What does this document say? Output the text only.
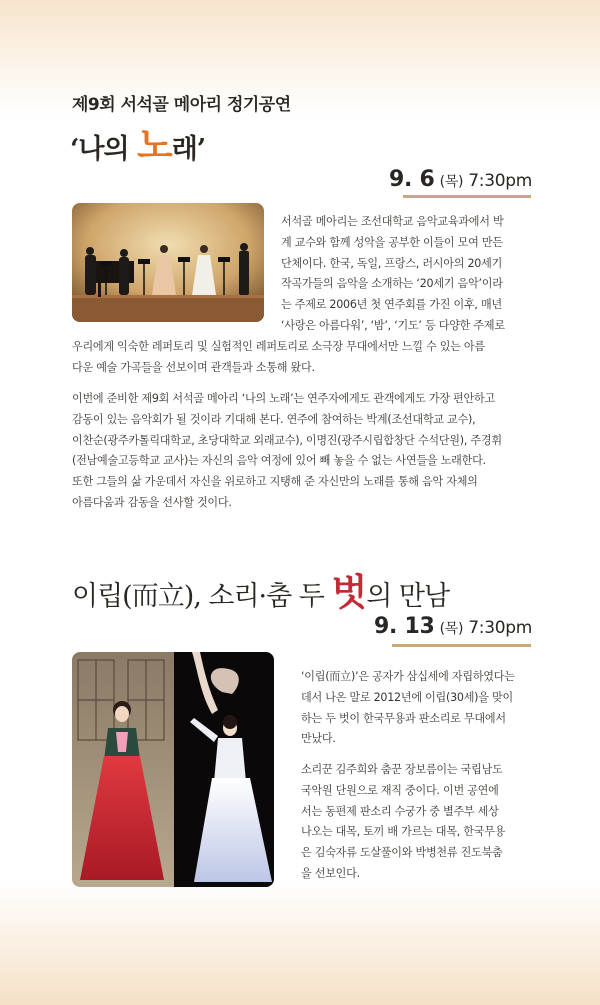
제9회 서석골 메아리 정기공연
‘나의 노래’
9. 6 (목) 7:30pm
서석골 메아리는 조선대학교 음악교육과에서 박
계 교수와 함께 성악을 공부한 이들이 모여 만든
단체이다. 한국, 독일, 프랑스, 러시아의 20세기
작곡가들의 음악을 소개하는 ‘20세기 음악’이라
는 주제로 2006년 첫 연주회를 가진 이후, 매년
‘사랑은 아름다워’, ‘밤’, ‘기도’ 등 다양한 주제로
우리에게 익숙한 레퍼토리 및 실험적인 레퍼토리로 소극장 무대에서만 느낄 수 있는 아름
다운 예술 가곡들을 선보이며 관객들과 소통해 왔다.
이번에 준비한 제9회 서석골 메아리 ‘나의 노래’는 연주자에게도 관객에게도 가장 편안하고
감동이 있는 음악회가 될 것이라 기대해 본다. 연주에 참여하는 박계(조선대학교 교수),
이찬순(광주카톨릭대학교, 초당대학교 외래교수), 이명진(광주시립합창단 수석단원), 주경휘
(전남예술고등학교 교사)는 자신의 음악 여정에 있어 빼 놓을 수 없는 사연들을 노래한다.
또한 그들의 삶 가운데서 자신을 위로하고 지탱해 준 자신만의 노래를 통해 음악 자체의
아름다움과 감동을 선사할 것이다.
이립(而立), 소리·춤 두 벗의 만남
9. 13 (목) 7:30pm
‘이립(而立)’은 공자가 삼십세에 자립하였다는
데서 나온 말로 2012년에 이립(30세)을 맞이
하는 두 벗이 한국무용과 판소리로 무대에서
만났다.
소리꾼 김주희와 춤꾼 장보름이는 국립남도
국악원 단원으로 재직 중이다. 이번 공연에
서는 동편제 판소리 수궁가 중 별주부 세상
나오는 대목, 토끼 배 가르는 대목, 한국무용
은 김숙자류 도살풀이와 박병천류 진도북춤
을 선보인다.
